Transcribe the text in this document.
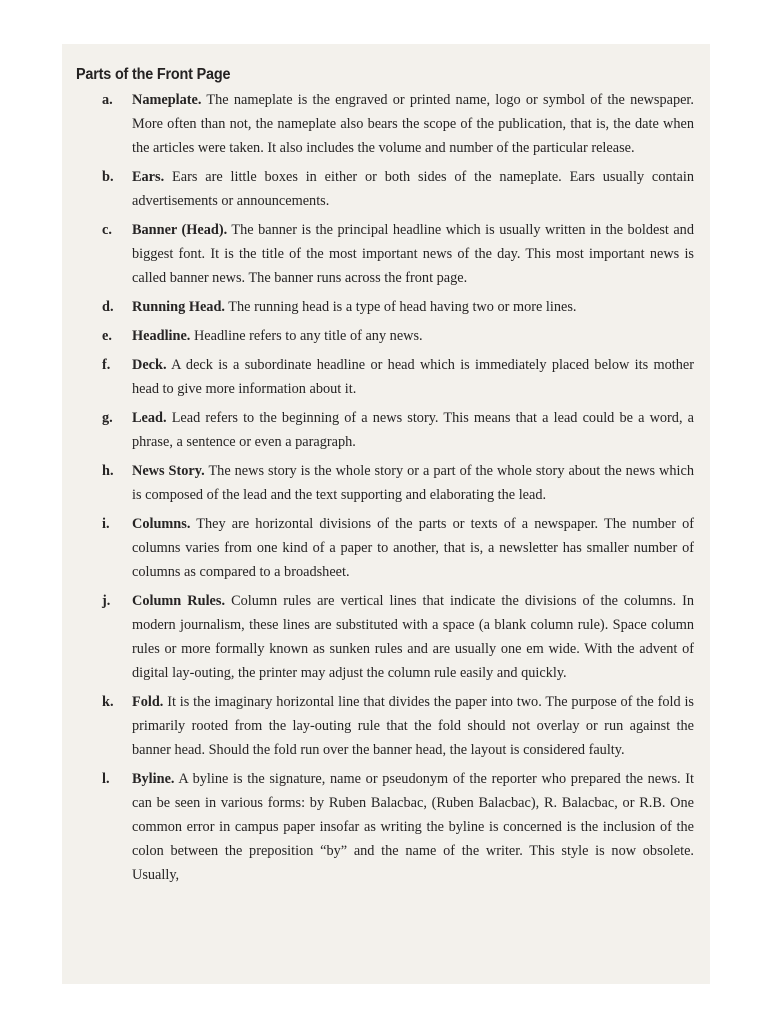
Parts of the Front Page
a. Nameplate. The nameplate is the engraved or printed name, logo or symbol of the newspaper. More often than not, the nameplate also bears the scope of the publication, that is, the date when the articles were taken. It also includes the volume and number of the particular release.
b. Ears. Ears are little boxes in either or both sides of the nameplate. Ears usually contain advertisements or announcements.
c. Banner (Head). The banner is the principal headline which is usually written in the boldest and biggest font. It is the title of the most important news of the day. This most important news is called banner news. The banner runs across the front page.
d. Running Head. The running head is a type of head having two or more lines.
e. Headline. Headline refers to any title of any news.
f. Deck. A deck is a subordinate headline or head which is immediately placed below its mother head to give more information about it.
g. Lead. Lead refers to the beginning of a news story. This means that a lead could be a word, a phrase, a sentence or even a paragraph.
h. News Story. The news story is the whole story or a part of the whole story about the news which is composed of the lead and the text supporting and elaborating the lead.
i. Columns. They are horizontal divisions of the parts or texts of a newspaper. The number of columns varies from one kind of a paper to another, that is, a newsletter has smaller number of columns as compared to a broadsheet.
j. Column Rules. Column rules are vertical lines that indicate the divisions of the columns. In modern journalism, these lines are substituted with a space (a blank column rule). Space column rules or more formally known as sunken rules and are usually one em wide. With the advent of digital lay-outing, the printer may adjust the column rule easily and quickly.
k. Fold. It is the imaginary horizontal line that divides the paper into two. The purpose of the fold is primarily rooted from the lay-outing rule that the fold should not overlay or run against the banner head. Should the fold run over the banner head, the layout is considered faulty.
l. Byline. A byline is the signature, name or pseudonym of the reporter who prepared the news. It can be seen in various forms: by Ruben Balacbac, (Ruben Balacbac), R. Balacbac, or R.B. One common error in campus paper insofar as writing the byline is concerned is the inclusion of the colon between the preposition “by” and the name of the writer. This style is now obsolete. Usually,
